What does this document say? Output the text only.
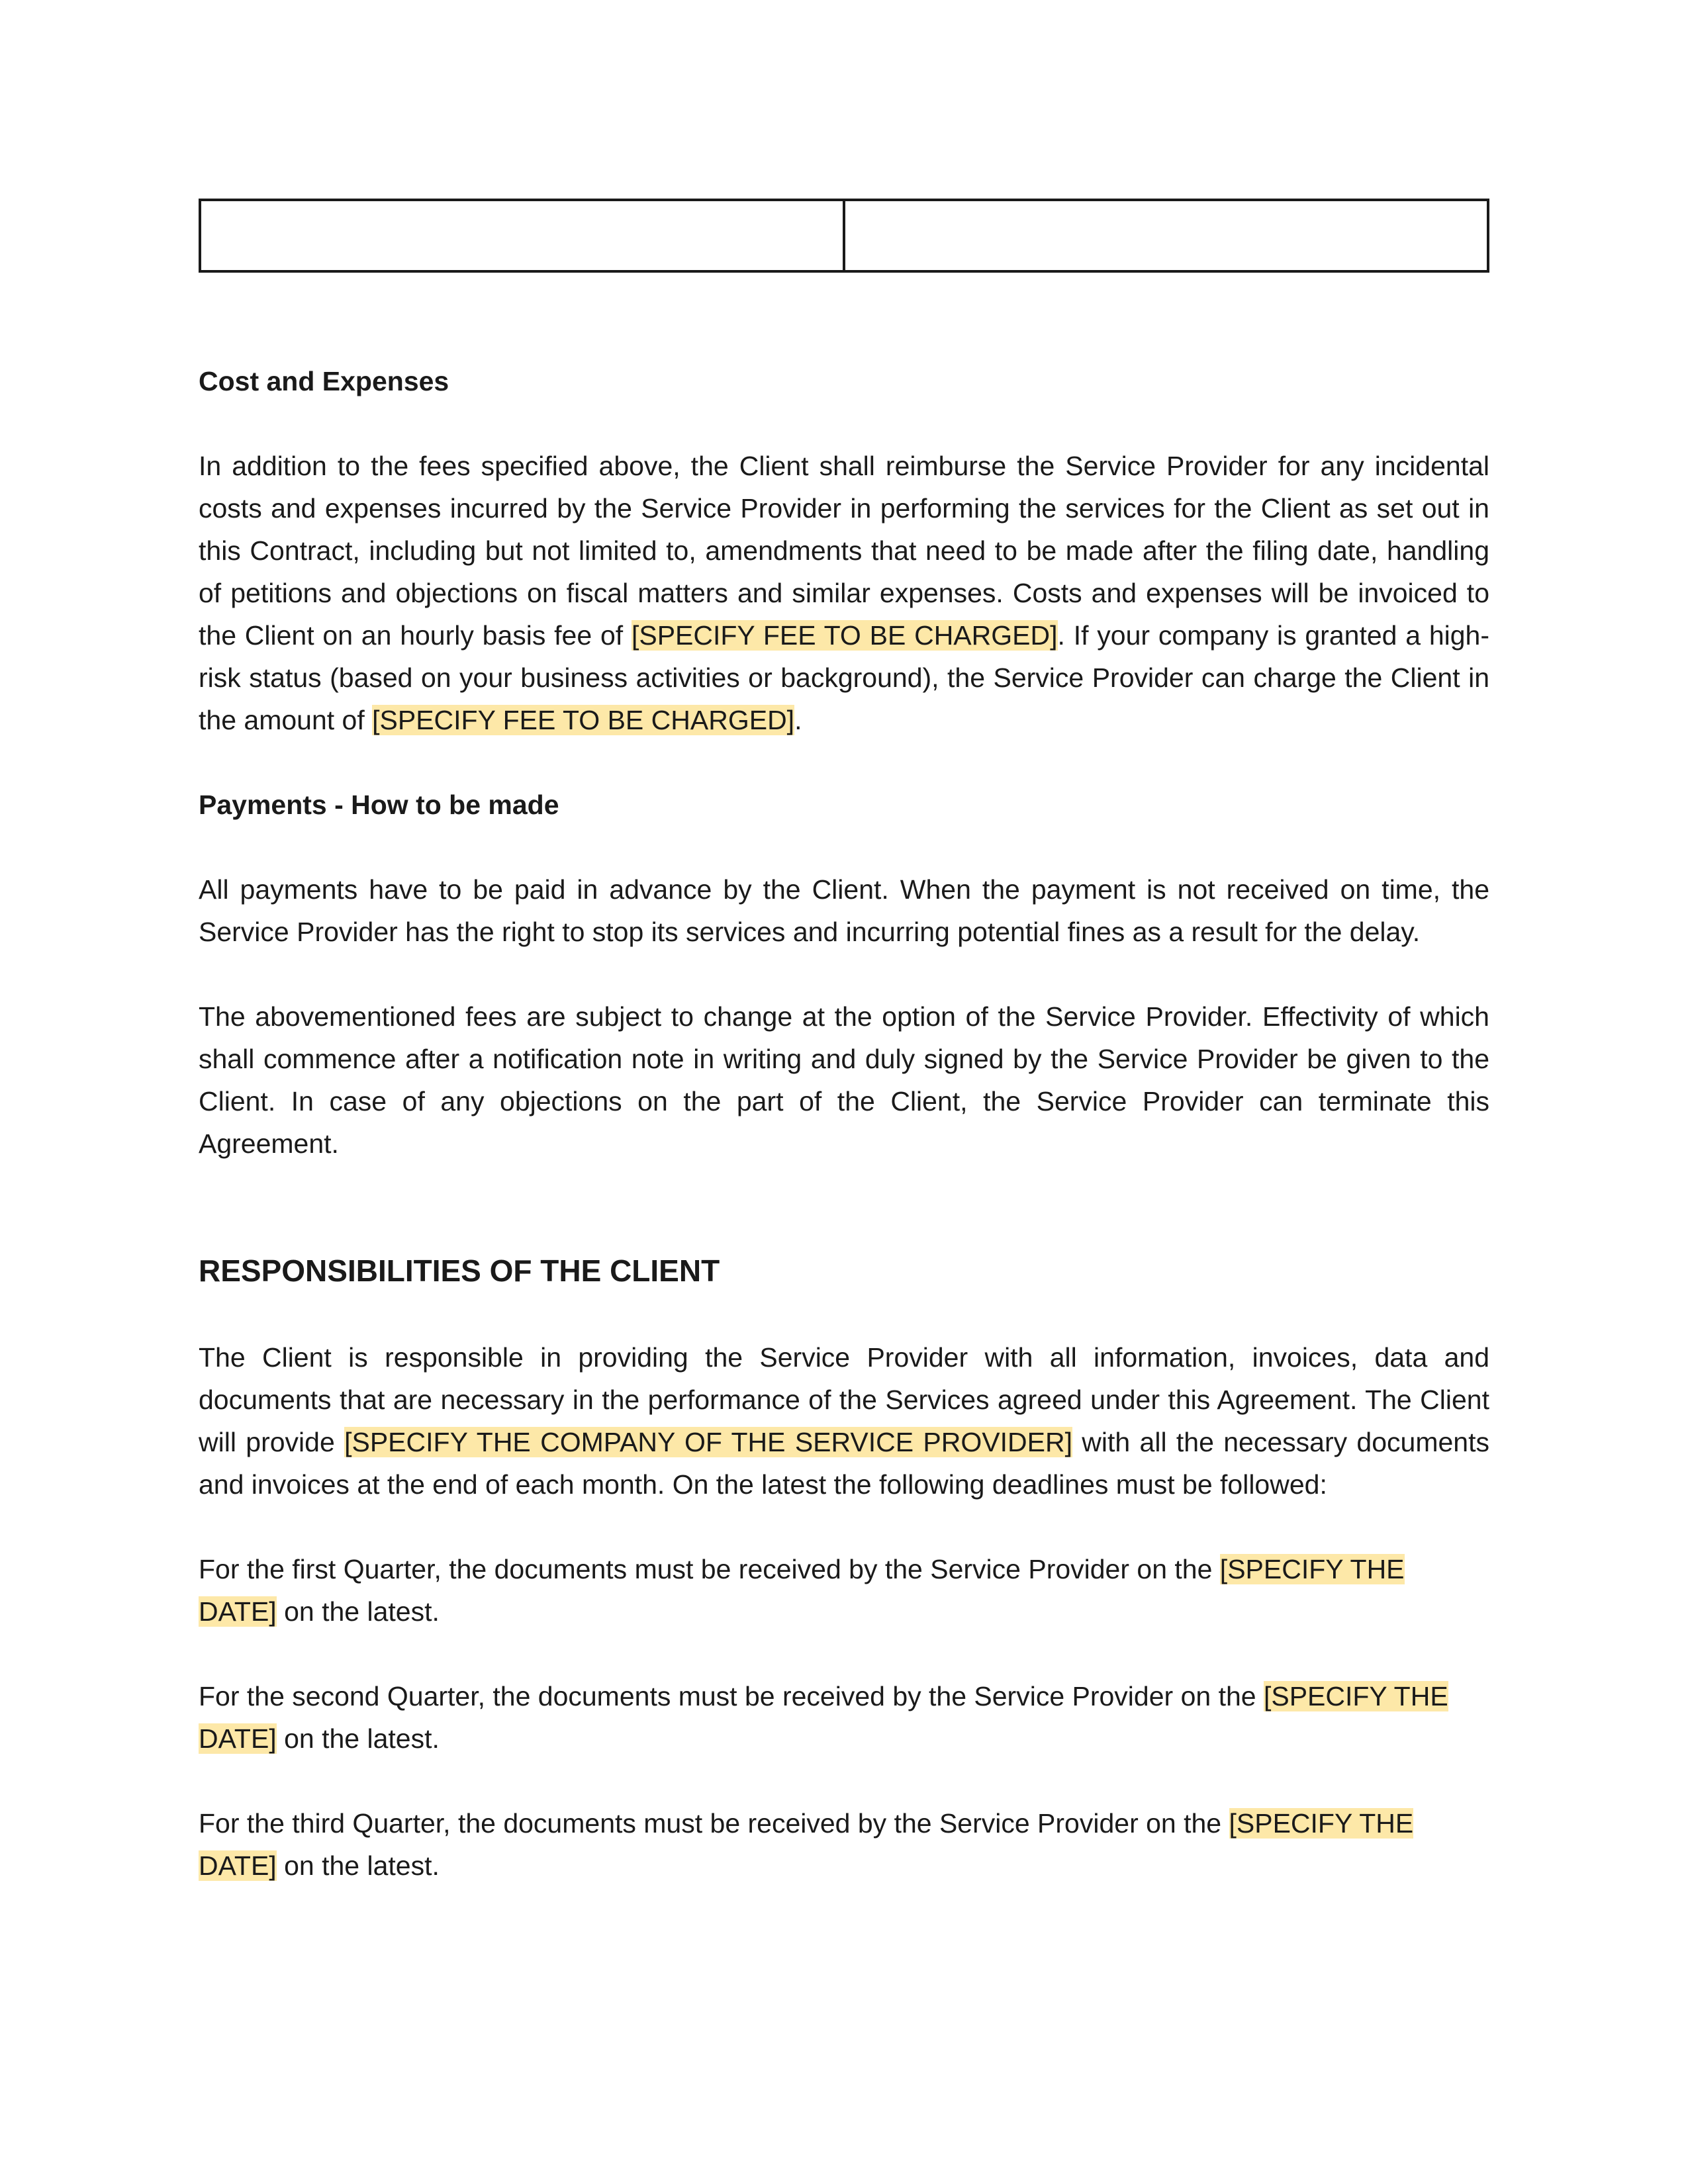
Cost and Expenses

In addition to the fees specified above, the Client shall reimburse the Service Provider for any incidental costs and expenses incurred by the Service Provider in performing the services for the Client as set out in this Contract, including but not limited to, amendments that need to be made after the filing date, handling of petitions and objections on fiscal matters and similar expenses. Costs and expenses will be invoiced to the Client on an hourly basis fee of [SPECIFY FEE TO BE CHARGED]. If your company is granted a high-risk status (based on your business activities or background), the Service Provider can charge the Client in the amount of [SPECIFY FEE TO BE CHARGED].

Payments - How to be made

All payments have to be paid in advance by the Client. When the payment is not received on time, the Service Provider has the right to stop its services and incurring potential fines as a result for the delay.

The abovementioned fees are subject to change at the option of the Service Provider. Effectivity of which shall commence after a notification note in writing and duly signed by the Service Provider be given to the Client. In case of any objections on the part of the Client, the Service Provider can terminate this Agreement.

RESPONSIBILITIES OF THE CLIENT

The Client is responsible in providing the Service Provider with all information, invoices, data and documents that are necessary in the performance of the Services agreed under this Agreement. The Client will provide [SPECIFY THE COMPANY OF THE SERVICE PROVIDER] with all the necessary documents and invoices at the end of each month. On the latest the following deadlines must be followed:

For the first Quarter, the documents must be received by the Service Provider on the [SPECIFY THE DATE] on the latest.

For the second Quarter, the documents must be received by the Service Provider on the [SPECIFY THE DATE] on the latest.

For the third Quarter, the documents must be received by the Service Provider on the [SPECIFY THE DATE] on the latest.
